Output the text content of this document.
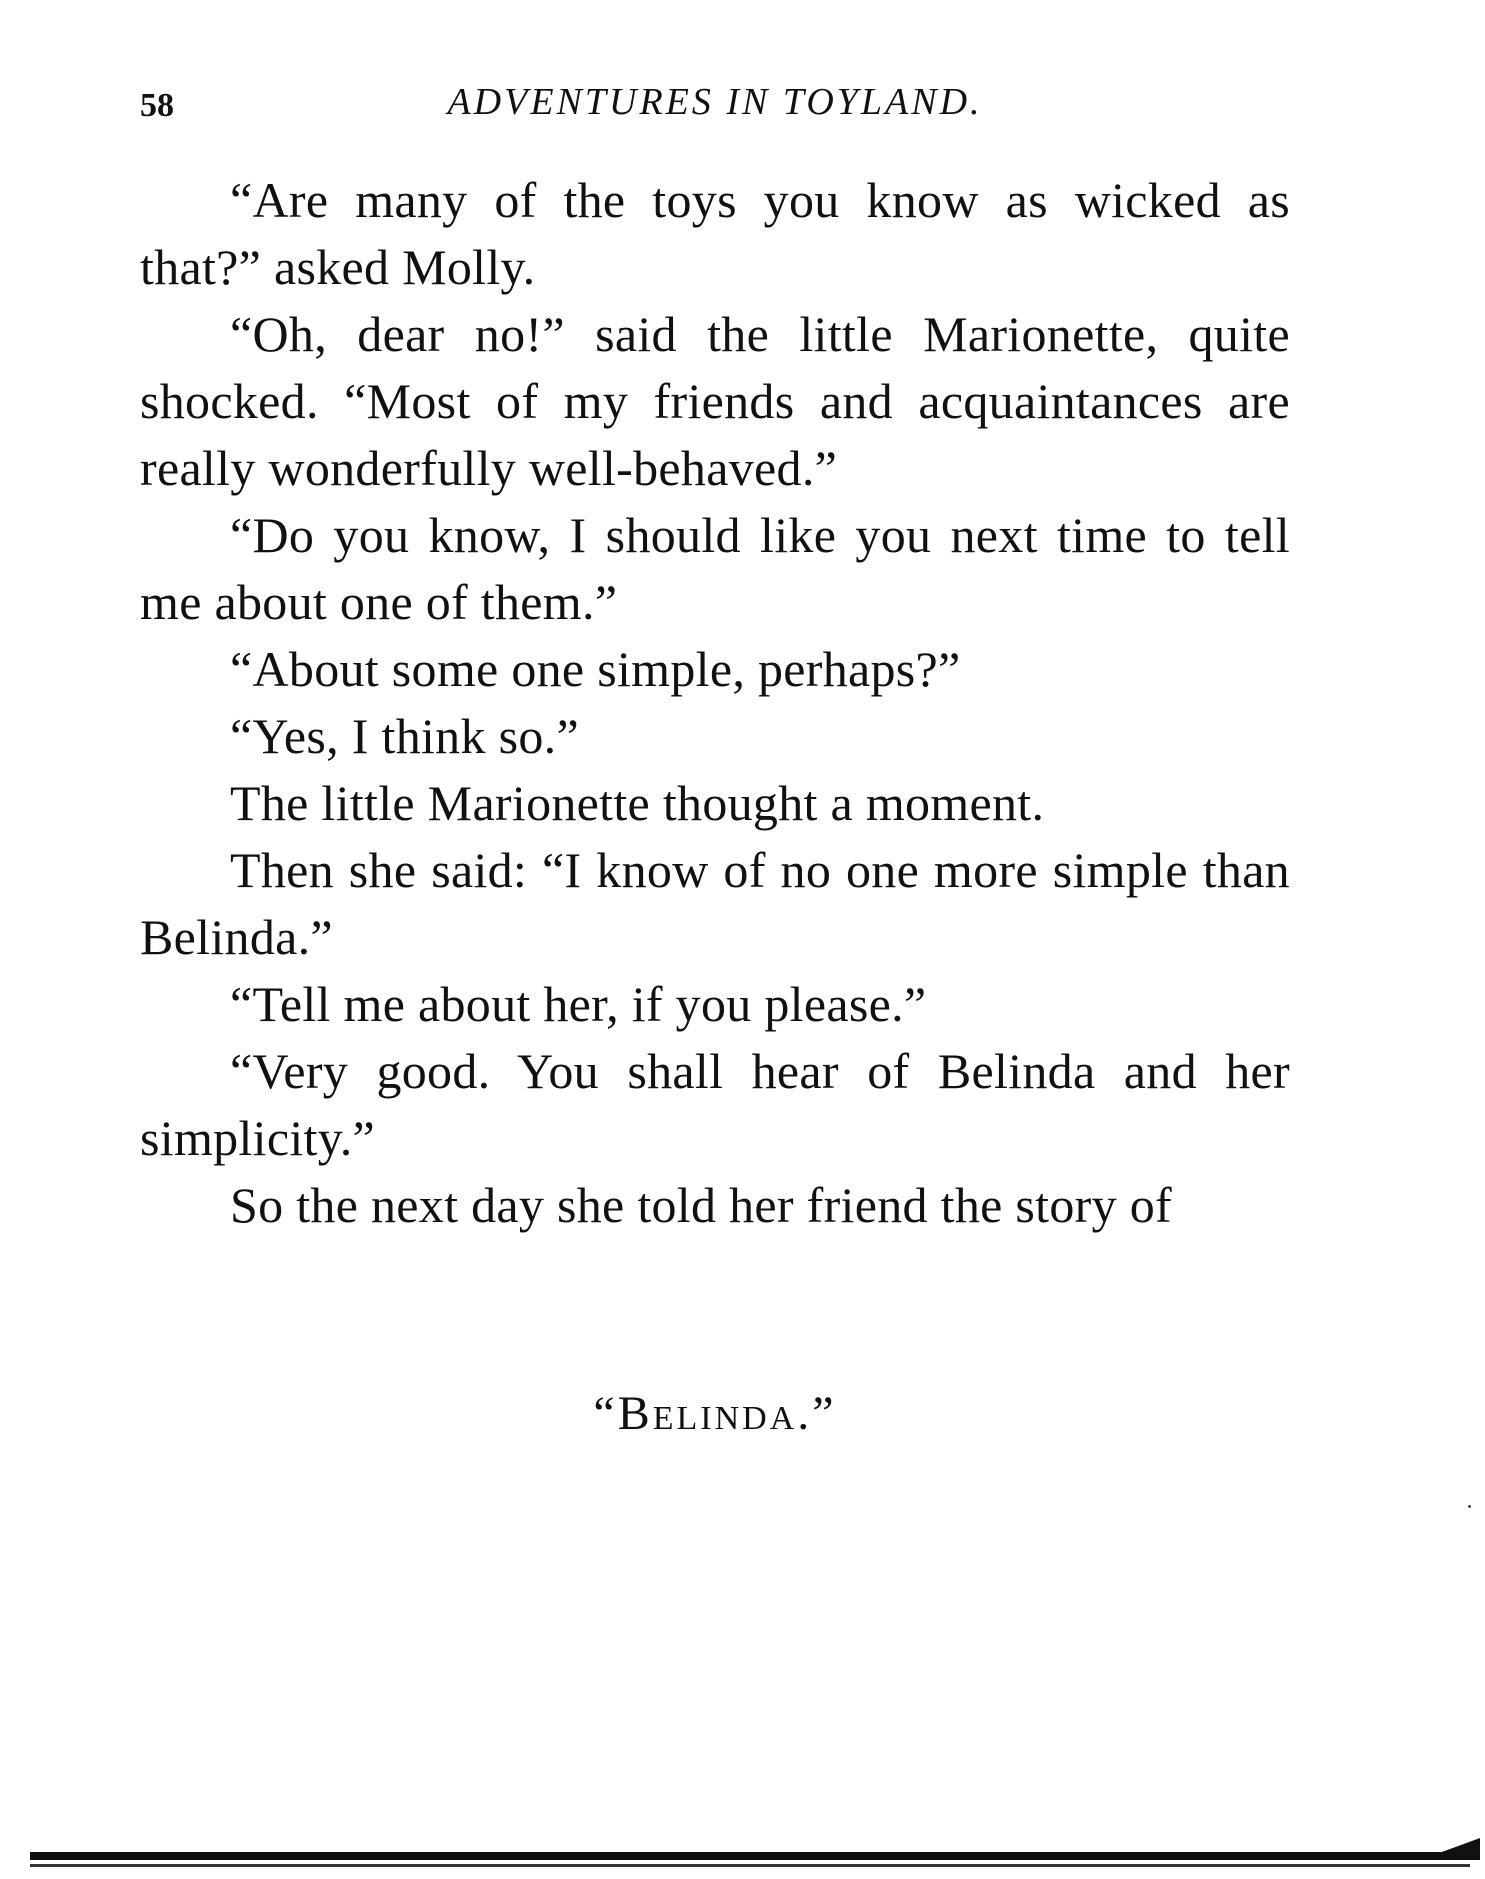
58	ADVENTURES IN TOYLAND.

“Are many of the toys you know as wicked as that?” asked Molly.

“Oh, dear no!” said the little Marionette, quite shocked. “Most of my friends and acquaintances are really wonderfully well-behaved.”

“Do you know, I should like you next time to tell me about one of them.”

“About some one simple, perhaps?”

“Yes, I think so.”

The little Marionette thought a moment.

Then she said: “I know of no one more simple than Belinda.”

“Tell me about her, if you please.”

“Very good. You shall hear of Belinda and her simplicity.”

So the next day she told her friend the story of

“Belinda.”
